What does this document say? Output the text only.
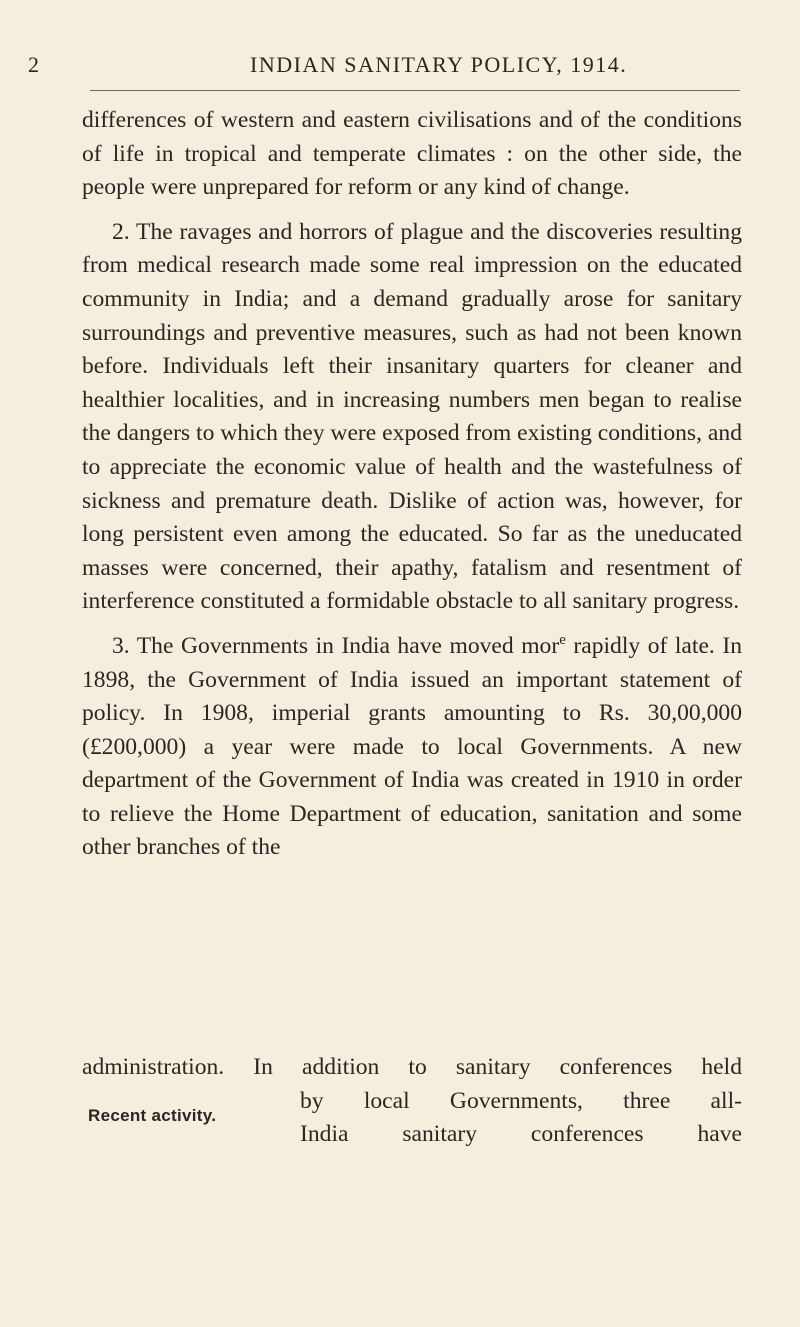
2	INDIAN SANITARY POLICY, 1914.

differences of western and eastern civilisations and of the conditions of life in tropical and temperate climates : on the other side, the people were unprepared for reform or any kind of change.

2. The ravages and horrors of plague and the discoveries resulting from medical research made some real impression on the educated community in India; and a demand gradually arose for sanitary surroundings and preventive measures, such as had not been known before. Individuals left their insanitary quarters for cleaner and healthier localities, and in increasing numbers men began to realise the dangers to which they were exposed from existing conditions, and to appreciate the economic value of health and the wastefulness of sickness and premature death. Dislike of action was, however, for long persistent even among the educated. So far as the uneducated masses were concerned, their apathy, fatalism and resentment of interference constituted a formidable obstacle to all sanitary progress.

3. The Governments in India have moved mor$^e$ rapidly of late. In 1898, the Government of India issued an important statement of policy. In 1908, imperial grants amounting to Rs. 30,00,000 (£200,000) a year were made to local Governments. A new department of the Government of India was created in 1910 in order to relieve the Home Department of education, sanitation and some other branches of the

administration. In addition to sanitary conferences held
by local Governments, three all-
India sanitary conferences have
Recent activity.
